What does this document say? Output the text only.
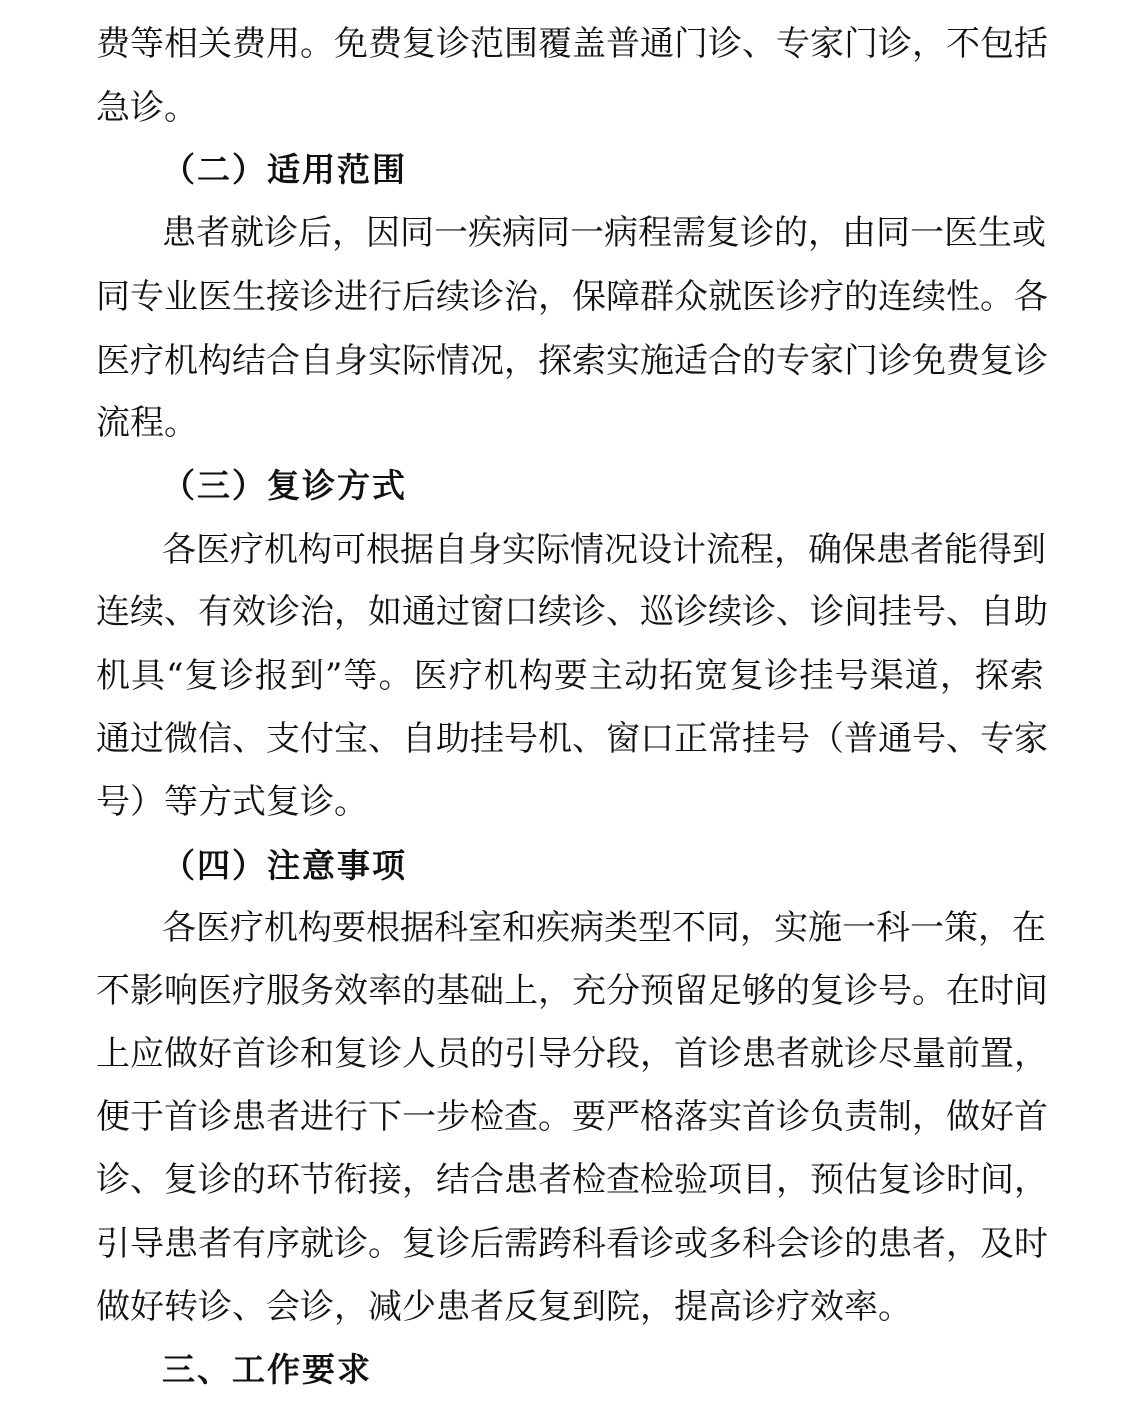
费等相关费用。免费复诊范围覆盖普通门诊、专家门诊，不包括
急诊。
（二）适用范围
患者就诊后，因同一疾病同一病程需复诊的，由同一医生或
同专业医生接诊进行后续诊治，保障群众就医诊疗的连续性。各
医疗机构结合自身实际情况，探索实施适合的专家门诊免费复诊
流程。
（三）复诊方式
各医疗机构可根据自身实际情况设计流程，确保患者能得到
连续、有效诊治，如通过窗口续诊、巡诊续诊、诊间挂号、自助
机具“复诊报到”等。医疗机构要主动拓宽复诊挂号渠道，探索
通过微信、支付宝、自助挂号机、窗口正常挂号（普通号、专家
号）等方式复诊。
（四）注意事项
各医疗机构要根据科室和疾病类型不同，实施一科一策，在
不影响医疗服务效率的基础上，充分预留足够的复诊号。在时间
上应做好首诊和复诊人员的引导分段，首诊患者就诊尽量前置，
便于首诊患者进行下一步检查。要严格落实首诊负责制，做好首
诊、复诊的环节衔接，结合患者检查检验项目，预估复诊时间，
引导患者有序就诊。复诊后需跨科看诊或多科会诊的患者，及时
做好转诊、会诊，减少患者反复到院，提高诊疗效率。
三、工作要求
